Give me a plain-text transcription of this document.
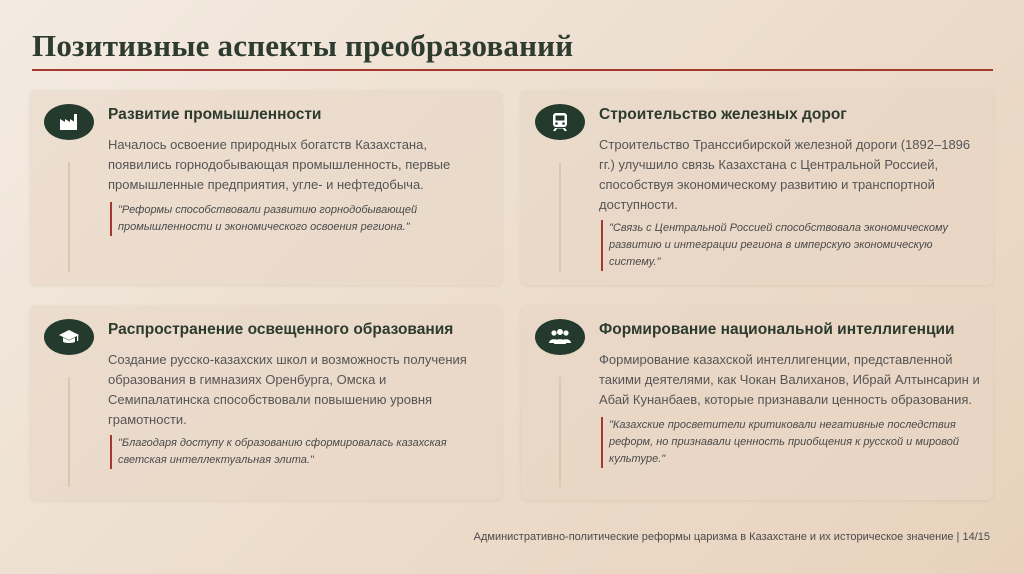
Позитивные аспекты преобразований
Развитие промышленности
Началось освоение природных богатств Казахстана, появились горнодобывающая промышленность, первые промышленные предприятия, угле- и нефтедобыча.
"Реформы способствовали развитию горнодобывающей промышленности и экономического освоения региона."
Строительство железных дорог
Строительство Транссибирской железной дороги (1892–1896 гг.) улучшило связь Казахстана с Центральной Россией, способствуя экономическому развитию и транспортной доступности.
"Связь с Центральной Россией способствовала экономическому развитию и интеграции региона в имперскую экономическую систему."
Распространение освещенного образования
Создание русско-казахских школ и возможность получения образования в гимназиях Оренбурга, Омска и Семипалатинска способствовали повышению уровня грамотности.
"Благодаря доступу к образованию сформировалась казахская светская интеллектуальная элита."
Формирование национальной интеллигенции
Формирование казахской интеллигенции, представленной такими деятелями, как Чокан Валиханов, Ибрай Алтынсарин и Абай Кунанбаев, которые признавали ценность образования.
"Казахские просветители критиковали негативные последствия реформ, но признавали ценность приобщения к русской и мировой культуре."
Административно-политические реформы царизма в Казахстане и их историческое значение | 14/15
